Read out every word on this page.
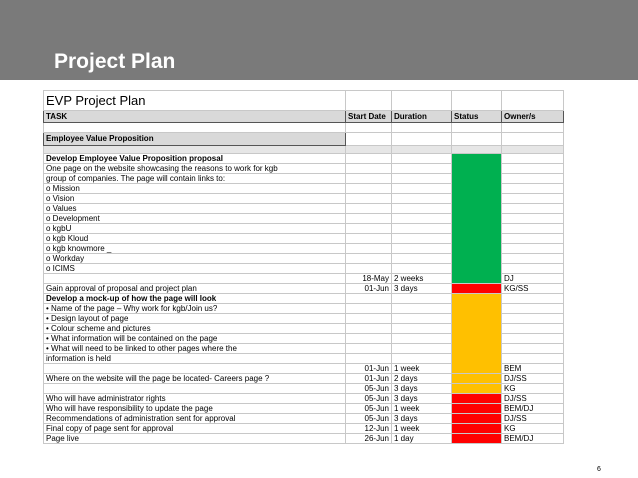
Project Plan
EVP Project Plan				
TASK	Start Date	Duration	Status	Owner/s

Employee Value Proposition				

Develop Employee Value Proposition proposal				
One page on the website showcasing the reasons to work for kgb				
group of companies. The page will contain links to:				
o Mission				
o Vision				
o Values				
o Development				
o kgbU				
o kgb Kloud				
o kgb knowmore _				
o Workday				
o ICIMS				
	18-May	2 weeks		DJ
Gain approval of proposal and project plan	01-Jun	3 days		KG/SS
Develop a mock-up of how the page will look				
• Name of the page – Why work for kgb/Join us?				
• Design layout of page				
• Colour scheme and pictures				
• What information will be contained on the page				
• What will need to be linked to other pages where the				
information is held				
	01-Jun	1 week		BEM
Where on the website will the page be located- Careers page ?	01-Jun	2 days		DJ/SS
	05-Jun	3 days		KG
Who will have administrator rights	05-Jun	3 days		DJ/SS
Who will have responsibility to update the page	05-Jun	1 week		BEM/DJ
Recommendations of administration sent for approval	05-Jun	3 days		DJ/SS
Final copy of page sent for approval	12-Jun	1 week		KG
Page live	26-Jun	1 day		BEM/DJ
6
